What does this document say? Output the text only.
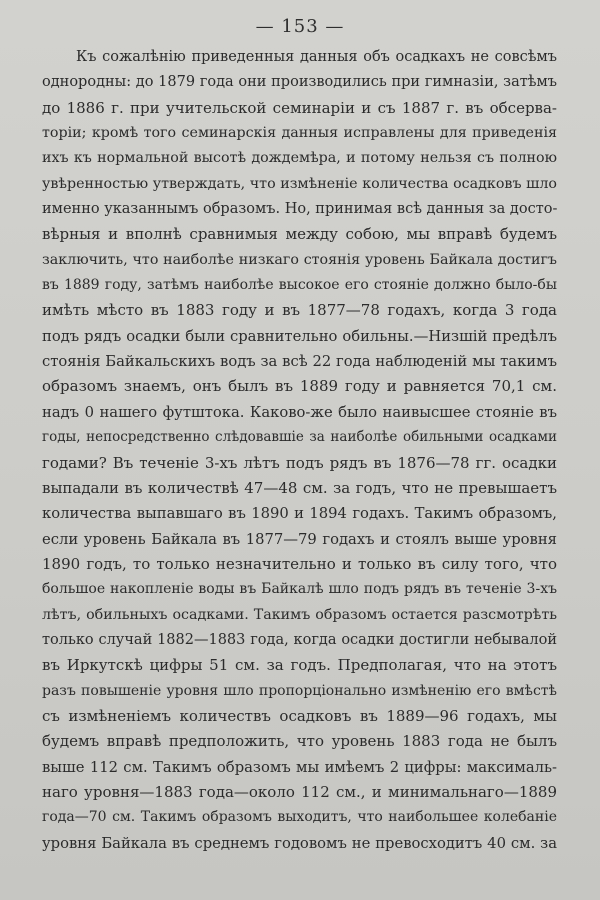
— 153 —
Къ сожалѣнію приведенныя данныя объ осадкахъ не совсѣмъ
однородны: до 1879 года они производились при гимназіи, затѣмъ
до 1886 г. при учительской семинаріи и съ 1887 г. въ обсерва-
торіи; кромѣ того семинарскія данныя исправлены для приведенія
ихъ къ нормальной высотѣ дождемѣра, и потому нельзя съ полною
увѣренностью утверждать, что измѣненіе количества осадковъ шло
именно указаннымъ образомъ. Но, принимая всѣ данныя за досто-
вѣрныя и вполнѣ сравнимыя между собою, мы вправѣ будемъ
заключить, что наиболѣе низкаго стоянія уровень Байкала достигъ
въ 1889 году, затѣмъ наиболѣе высокое его стояніе должно было-бы
имѣть мѣсто въ 1883 году и въ 1877—78 годахъ, когда 3 года
подъ рядъ осадки были сравнительно обильны.—Низшій предѣлъ
стоянія Байкальскихъ водъ за всѣ 22 года наблюденій мы такимъ
образомъ знаемъ, онъ былъ въ 1889 году и равняется 70,1 см.
надъ 0 нашего футштока. Каково-же было наивысшее стояніе въ
годы, непосредственно слѣдовавшіе за наиболѣе обильными осадками
годами? Въ теченіе 3-хъ лѣтъ подъ рядъ въ 1876—78 гг. осадки
выпадали въ количествѣ 47—48 см. за годъ, что не превышаетъ
количества выпавшаго въ 1890 и 1894 годахъ. Такимъ образомъ,
если уровень Байкала въ 1877—79 годахъ и стоялъ выше уровня
1890 годъ, то только незначительно и только въ силу того, что
большое накопленіе воды въ Байкалѣ шло подъ рядъ въ теченіе 3-хъ
лѣтъ, обильныхъ осадками. Такимъ образомъ остается разсмотрѣть
только случай 1882—1883 года, когда осадки достигли небывалой
въ Иркутскѣ цифры 51 см. за годъ. Предполагая, что на этотъ
разъ повышеніе уровня шло пропорціонально измѣненію его вмѣстѣ
съ измѣненіемъ количествъ осадковъ въ 1889—96 годахъ, мы
будемъ вправѣ предположить, что уровень 1883 года не былъ
выше 112 см. Такимъ образомъ мы имѣемъ 2 цифры: максималь-
наго уровня—1883 года—около 112 см., и минимальнаго—1889
года—70 см. Такимъ образомъ выходитъ, что наибольшее колебаніе
уровня Байкала въ среднемъ годовомъ не превосходитъ 40 см. за
